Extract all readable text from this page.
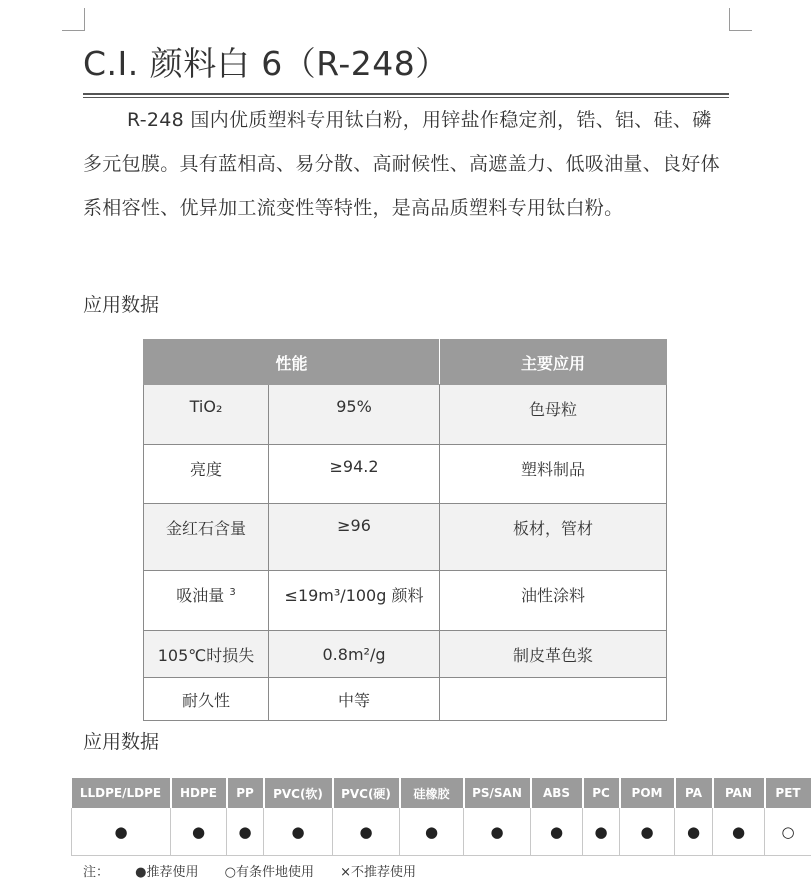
C.I. 颜料白 6（R-248）

R-248 国内优质塑料专用钛白粉，用锌盐作稳定剂，锆、铝、硅、磷多元包膜。具有蓝相高、易分散、高耐候性、高遮盖力、低吸油量、良好体系相容性、优异加工流变性等特性，是高品质塑料专用钛白粉。

应用数据
性能		主要应用
TiO₂	95%	色母粒
亮度	≥94.2	塑料制品
金红石含量	≥96	板材，管材
吸油量 $^3$	≤19m³/100g 颜料	油性涂料
105℃时损失	0.8m²/g	制皮革色浆
耐久性	中等	
应用数据
LLDPE/LDPE	HDPE	PP	PVC(软)	PVC(硬)	硅橡胶	PS/SAN	ABS	PC	POM	PA	PAN	PET
●	●	●	●	●	●	●	●	●	●	●	●	○
注： ●推荐使用 ○有条件地使用 ×不推荐使用
